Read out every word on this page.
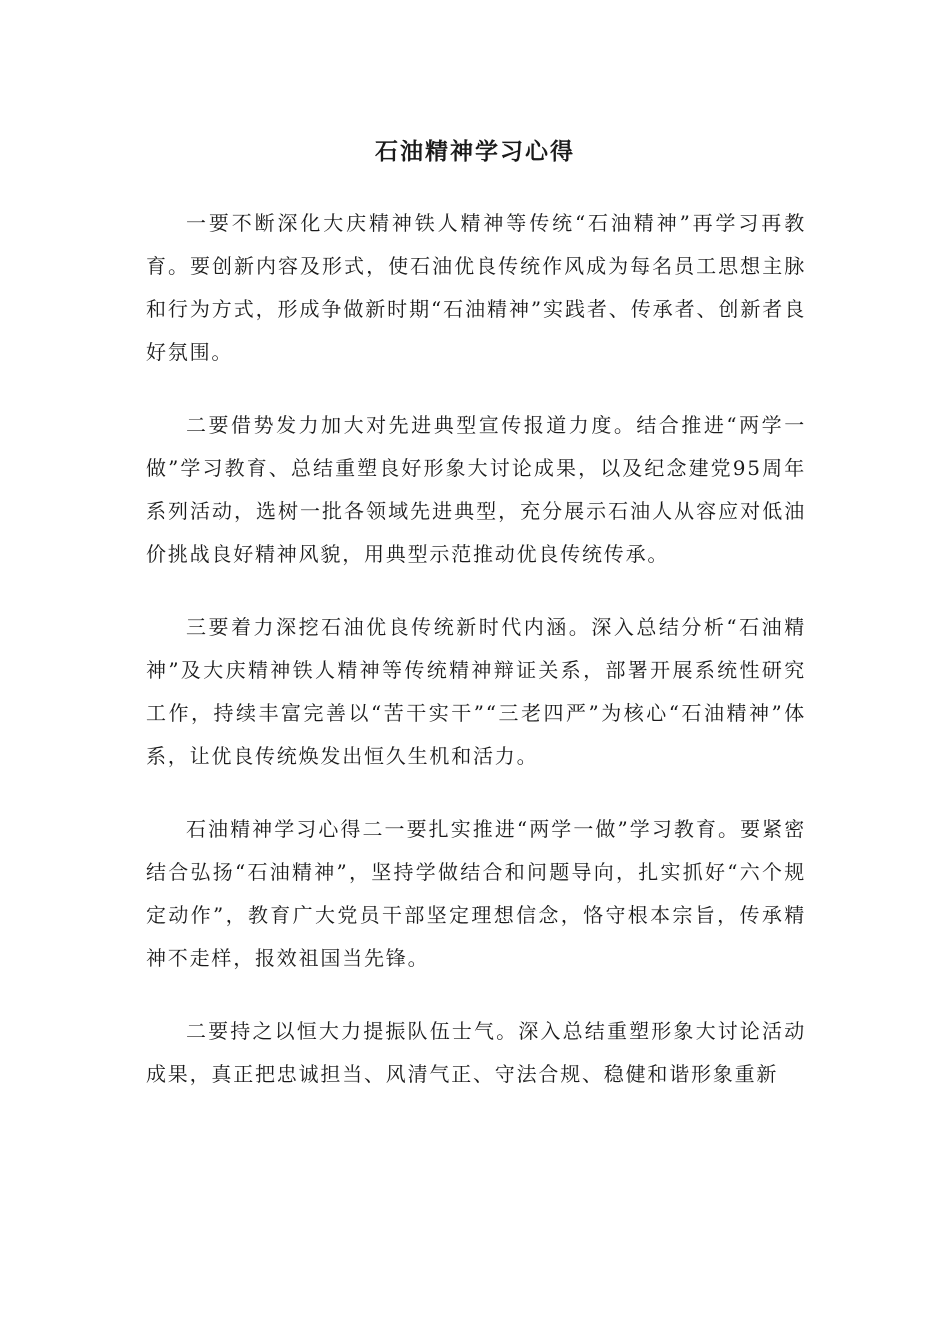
石油精神学习心得

一要不断深化大庆精神铁人精神等传统“石油精神”再学习再教育。要创新内容及形式，使石油优良传统作风成为每名员工思想主脉和行为方式，形成争做新时期“石油精神”实践者、传承者、创新者良好氛围。

二要借势发力加大对先进典型宣传报道力度。结合推进“两学一做”学习教育、总结重塑良好形象大讨论成果，以及纪念建党95周年系列活动，选树一批各领域先进典型，充分展示石油人从容应对低油价挑战良好精神风貌，用典型示范推动优良传统传承。

三要着力深挖石油优良传统新时代内涵。深入总结分析“石油精神”及大庆精神铁人精神等传统精神辩证关系，部署开展系统性研究工作，持续丰富完善以“苦干实干”“三老四严”为核心“石油精神”体系，让优良传统焕发出恒久生机和活力。

石油精神学习心得二一要扎实推进“两学一做”学习教育。要紧密结合弘扬“石油精神”，坚持学做结合和问题导向，扎实抓好“六个规定动作”，教育广大党员干部坚定理想信念，恪守根本宗旨，传承精神不走样，报效祖国当先锋。

二要持之以恒大力提振队伍士气。深入总结重塑形象大讨论活动成果，真正把忠诚担当、风清气正、守法合规、稳健和谐形象重新
